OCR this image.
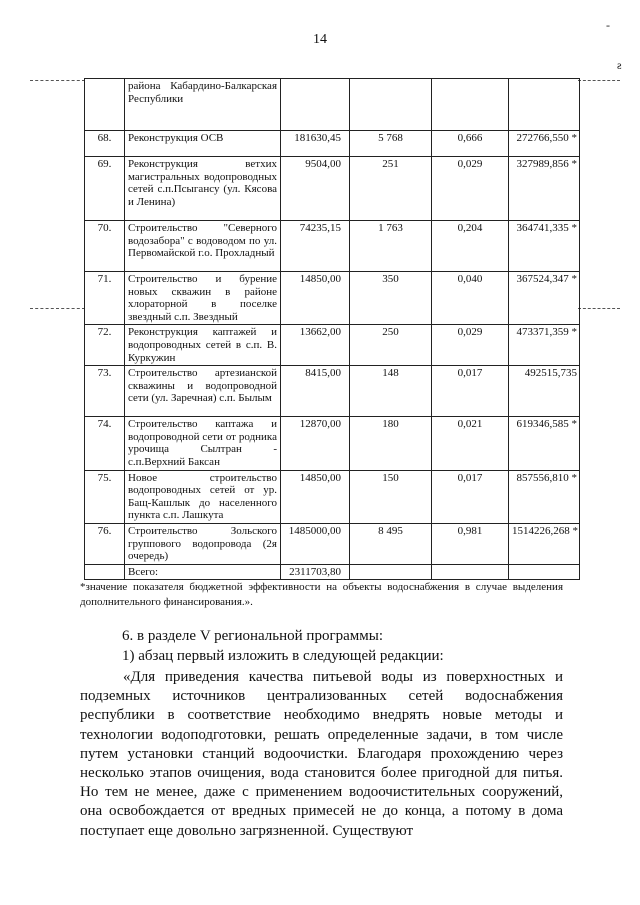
14
-
ƨ
	района Кабардино-Балкарская Республики				
68.	Реконструкция ОСВ	181630,45	5 768	0,666	272766,550 *
69.	Реконструкция ветхих магистральных водопроводных сетей с.п.Псыгансу (ул. Кясова и Ленина)	9504,00	251	0,029	327989,856 *
70.	Строительство "Северного водозабора" с водоводом по ул. Первомайской г.о. Прохладный	74235,15	1 763	0,204	364741,335 *
71.	Строительство и бурение новых скважин в районе хлораторной в поселке звездный с.п. Звездный	14850,00	350	0,040	367524,347 *
72.	Реконструкция каптажей и водопроводных сетей в с.п. В. Куркужин	13662,00	250	0,029	473371,359 *
73.	Строительство артезианской скважины и водопроводной сети (ул. Заречная) с.п. Былым	8415,00	148	0,017	492515,735
74.	Строительство каптажа и водопроводной сети от родника урочища Сылтран - с.п.Верхний Баксан	12870,00	180	0,021	619346,585 *
75.	Новое строительство водопроводных сетей от ур. Бащ-Кашлык до населенного пункта с.п. Лашкута	14850,00	150	0,017	857556,810 *
76.	Строительство Зольского группового водопровода (2я очередь)	1485000,00	8 495	0,981	1514226,268 *
	Всего:	2311703,80			
*значение показателя бюджетной эффективности на объекты водоснабжения в случае выделения дополнительного финансирования.».
6. в разделе V региональной программы:
1) абзац первый изложить в следующей редакции:
«Для приведения качества питьевой воды из поверхностных и подземных источников централизованных сетей водоснабжения республики в соответствие необходимо внедрять новые методы и технологии водоподготовки, решать определенные задачи, в том числе путем установки станций водоочистки. Благодаря прохождению через несколько этапов очищения, вода становится более пригодной для питья. Но тем не менее, даже с применением водоочистительных сооружений, она освобождается от вредных примесей не до конца, а потому в дома поступает еще довольно загрязненной. Существуют
